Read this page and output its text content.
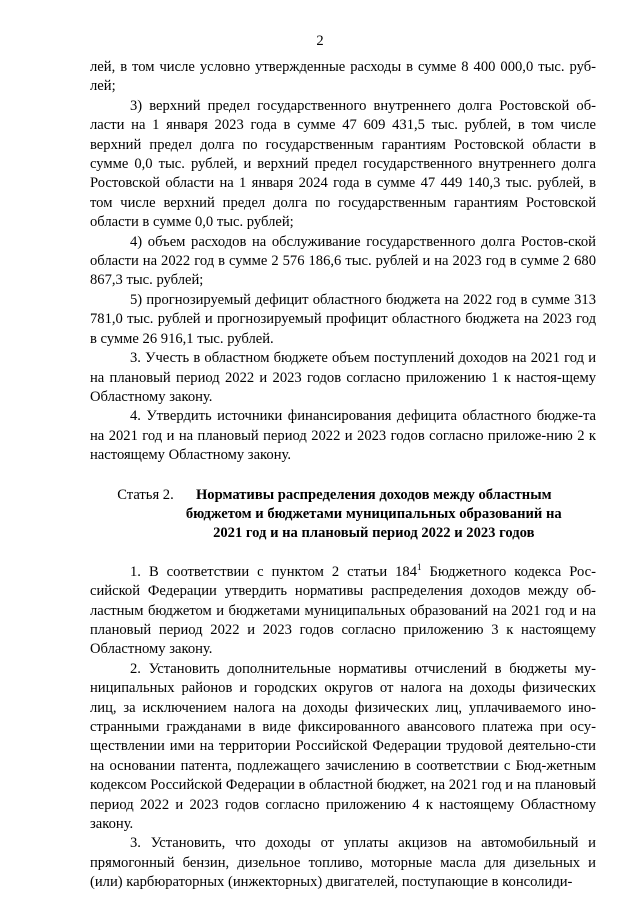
2

лей, в том числе условно утвержденные расходы в сумме 8 400 000,0 тыс. руб-лей;

3) верхний предел государственного внутреннего долга Ростовской об-ласти на 1 января 2023 года в сумме 47 609 431,5 тыс. рублей, в том числе верхний предел долга по государственным гарантиям Ростовской области в сумме 0,0 тыс. рублей, и верхний предел государственного внутреннего долга Ростовской области на 1 января 2024 года в сумме 47 449 140,3 тыс. рублей, в том числе верхний предел долга по государственным гарантиям Ростовской области в сумме 0,0 тыс. рублей;

4) объем расходов на обслуживание государственного долга Ростов-ской области на 2022 год в сумме 2 576 186,6 тыс. рублей и на 2023 год в сумме 2 680 867,3 тыс. рублей;

5) прогнозируемый дефицит областного бюджета на 2022 год в сумме 313 781,0 тыс. рублей и прогнозируемый профицит областного бюджета на 2023 год в сумме 26 916,1 тыс. рублей.

3. Учесть в областном бюджете объем поступлений доходов на 2021 год и на плановый период 2022 и 2023 годов согласно приложению 1 к настоя-щему Областному закону.

4. Утвердить источники финансирования дефицита областного бюдже-та на 2021 год и на плановый период 2022 и 2023 годов согласно приложе-нию 2 к настоящему Областному закону.

Статья 2.	Нормативы распределения доходов между областным бюджетом и бюджетами муниципальных образований на 2021 год и на плановый период 2022 и 2023 годов

1. В соответствии с пунктом 2 статьи $184^1$ Бюджетного кодекса Рос-сийской Федерации утвердить нормативы распределения доходов между об-ластным бюджетом и бюджетами муниципальных образований на 2021 год и на плановый период 2022 и 2023 годов согласно приложению 3 к настоящему Областному закону.

2. Установить дополнительные нормативы отчислений в бюджеты му-ниципальных районов и городских округов от налога на доходы физических лиц, за исключением налога на доходы физических лиц, уплачиваемого ино-странными гражданами в виде фиксированного авансового платежа при осу-ществлении ими на территории Российской Федерации трудовой деятельно-сти на основании патента, подлежащего зачислению в соответствии с Бюд-жетным кодексом Российской Федерации в областной бюджет, на 2021 год и на плановый период 2022 и 2023 годов согласно приложению 4 к настоящему Областному закону.

3. Установить, что доходы от уплаты акцизов на автомобильный и прямогонный бензин, дизельное топливо, моторные масла для дизельных и (или) карбюраторных (инжекторных) двигателей, поступающие в консолиди-
